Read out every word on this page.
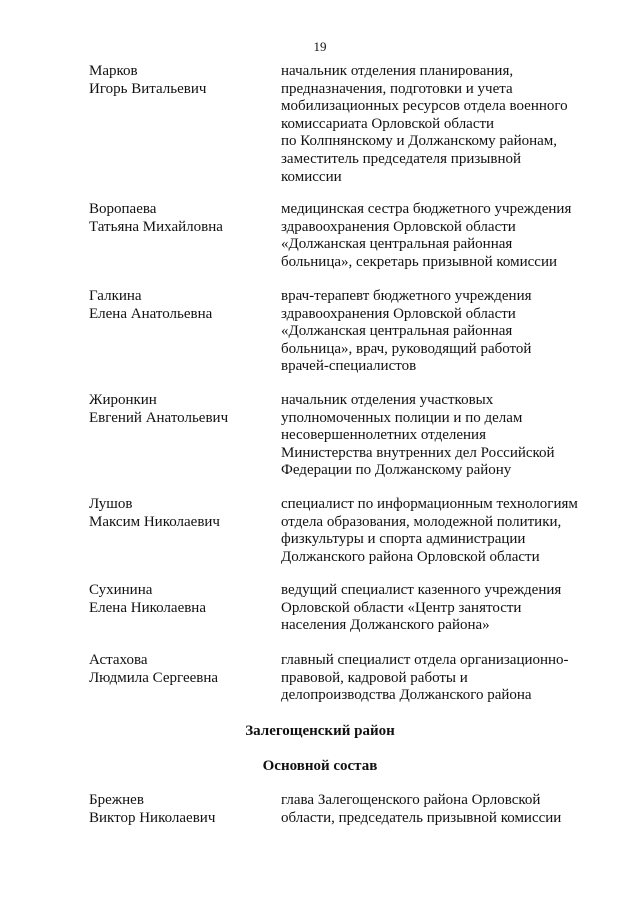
19
Марков
Игорь Витальевич
начальник отделения планирования,
предназначения, подготовки и учета
мобилизационных ресурсов отдела военного
комиссариата Орловской области
по Колпнянскому и Должанскому районам,
заместитель председателя призывной
комиссии
Воропаева
Татьяна Михайловна
медицинская сестра бюджетного учреждения
здравоохранения Орловской области
«Должанская центральная районная
больница», секретарь призывной комиссии
Галкина
Елена Анатольевна
врач-терапевт бюджетного учреждения
здравоохранения Орловской области
«Должанская центральная районная
больница», врач, руководящий работой
врачей-специалистов
Жиронкин
Евгений Анатольевич
начальник отделения участковых
уполномоченных полиции и по делам
несовершеннолетних отделения
Министерства внутренних дел Российской
Федерации по Должанскому району
Лушов
Максим Николаевич
специалист по информационным технологиям
отдела образования, молодежной политики,
физкультуры и спорта администрации
Должанского района Орловской области
Сухинина
Елена Николаевна
ведущий специалист казенного учреждения
Орловской области «Центр занятости
населения Должанского района»
Астахова
Людмила Сергеевна
главный специалист отдела организационно-
правовой, кадровой работы и
делопроизводства Должанского района
Залегощенский район
Основной состав
Брежнев
Виктор Николаевич
глава Залегощенского района Орловской
области, председатель призывной комиссии
